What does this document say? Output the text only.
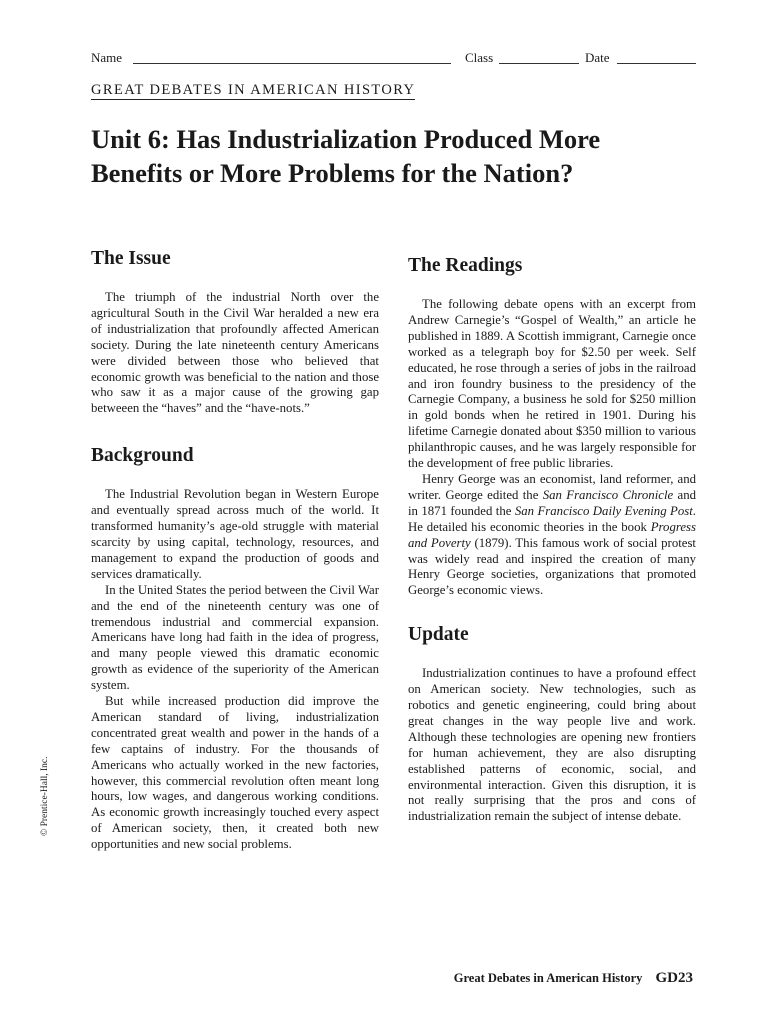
Name	Class	Date
GREAT DEBATES IN AMERICAN HISTORY
Unit 6: Has Industrialization Produced More Benefits or More Problems for the Nation?
The Issue

The triumph of the industrial North over the agricultural South in the Civil War heralded a new era of industrialization that profoundly affected American society. During the late nineteenth century Americans were divided between those who believed that economic growth was beneficial to the nation and those who saw it as a major cause of the growing gap betweeen the “haves” and the “have-nots.”

Background

The Industrial Revolution began in Western Europe and eventually spread across much of the world. It transformed humanity’s age-old struggle with material scarcity by using capital, technology, resources, and management to expand the production of goods and services dramatically.

In the United States the period between the Civil War and the end of the nineteenth century was one of tremendous industrial and commercial expansion. Americans have long had faith in the idea of progress, and many people viewed this dramatic economic growth as evidence of the superiority of the American system.

But while increased production did improve the American standard of living, industrialization concentrated great wealth and power in the hands of a few captains of industry. For the thousands of Americans who actually worked in the new factories, however, this commercial revolution often meant long hours, low wages, and dangerous working conditions. As economic growth increasingly touched every aspect of American society, then, it created both new opportunities and new social problems.

The Readings

The following debate opens with an excerpt from Andrew Carnegie’s “Gospel of Wealth,” an article he published in 1889. A Scottish immigrant, Carnegie once worked as a telegraph boy for $2.50 per week. Self educated, he rose through a series of jobs in the railroad and iron foundry business to the presidency of the Carnegie Company, a business he sold for $250 million in gold bonds when he retired in 1901. During his lifetime Carnegie donated about $350 million to various philanthropic causes, and he was largely responsible for the development of free public libraries.

Henry George was an economist, land reformer, and writer. George edited the San Francisco Chronicle and in 1871 founded the San Francisco Daily Evening Post. He detailed his economic theories in the book Progress and Poverty (1879). This famous work of social protest was widely read and inspired the creation of many Henry George societies, organizations that promoted George’s economic views.

Update

Industrialization continues to have a profound effect on American society. New technologies, such as robotics and genetic engineering, could bring about great changes in the way people live and work. Although these technologies are opening new frontiers for human achievement, they are also disrupting established patterns of economic, social, and environmental interaction. Given this disruption, it is not really surprising that the pros and cons of industrialization remain the subject of intense debate.

© Prentice-Hall, Inc.
Great Debates in American History GD23
